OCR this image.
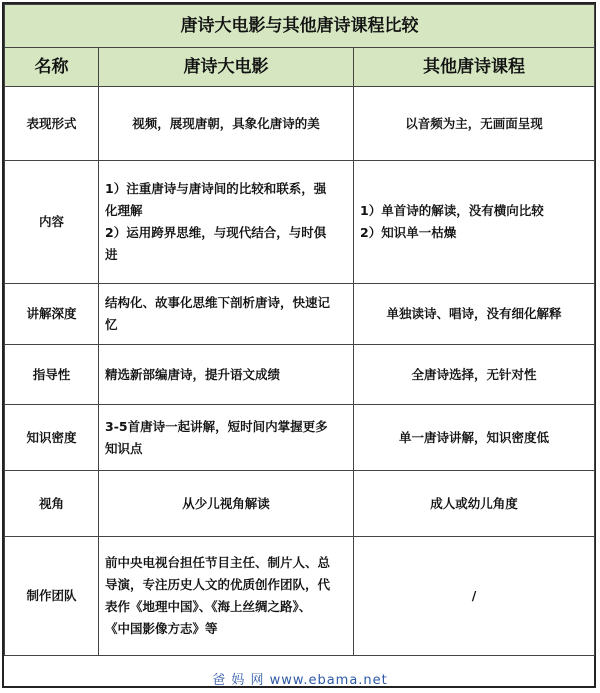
唐诗大电影与其他唐诗课程比较		
名称	唐诗大电影	其他唐诗课程
表现形式	视频，展现唐朝，具象化唐诗的美	以音频为主，无画面呈现

内容	1）注重唐诗与唐诗间的比较和联系，强
化理解
2）运用跨界思维，与现代结合，与时俱
进	1）单首诗的解读，没有横向比较
2）知识单一枯燥

讲解深度	结构化、故事化思维下剖析唐诗，快速记
忆	单独读诗、唱诗，没有细化解释

指导性	精选新部编唐诗，提升语文成绩	全唐诗选择，无针对性

知识密度	3-5首唐诗一起讲解，短时间内掌握更多
知识点	单一唐诗讲解，知识密度低

视角	从少儿视角解读	成人或幼儿角度

制作团队	前中央电视台担任节目主任、制片人、总
导演，专注历史人文的优质创作团队，代
表作《地理中国》、《海上丝绸之路》、
《中国影像方志》等	/
爸 妈 网 www.ebama.net
